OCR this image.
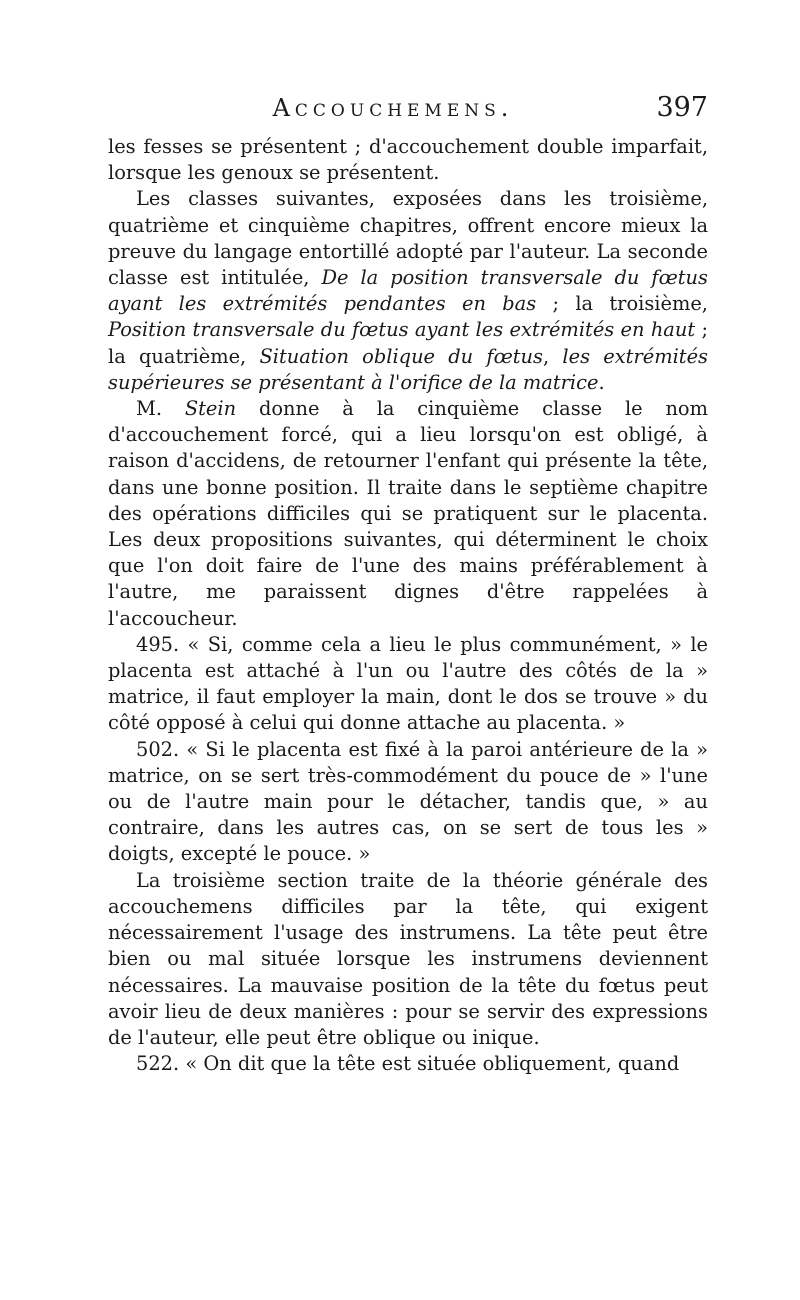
Accouchemens.	397

les fesses se présentent ; d'accouchement double imparfait, lorsque les genoux se présentent.

Les classes suivantes, exposées dans les troisième, quatrième et cinquième chapitres, offrent encore mieux la preuve du langage entortillé adopté par l'auteur. La seconde classe est intitulée, De la position transversale du fœtus ayant les extrémités pendantes en bas ; la troisième, Position transversale du fœtus ayant les extrémités en haut ; la quatrième, Situation oblique du fœtus, les extrémités supérieures se présentant à l'orifice de la matrice.

M. Stein donne à la cinquième classe le nom d'accouchement forcé, qui a lieu lorsqu'on est obligé, à raison d'accidens, de retourner l'enfant qui présente la tête, dans une bonne position. Il traite dans le septième chapitre des opérations difficiles qui se pratiquent sur le placenta. Les deux propositions suivantes, qui déterminent le choix que l'on doit faire de l'une des mains préférablement à l'autre, me paraissent dignes d'être rappelées à l'accoucheur.

495. « Si, comme cela a lieu le plus communément, » le placenta est attaché à l'un ou l'autre des côtés de la » matrice, il faut employer la main, dont le dos se trouve » du côté opposé à celui qui donne attache au placenta. »

502. « Si le placenta est fixé à la paroi antérieure de la » matrice, on se sert très-commodément du pouce de » l'une ou de l'autre main pour le détacher, tandis que, » au contraire, dans les autres cas, on se sert de tous les » doigts, excepté le pouce. »

La troisième section traite de la théorie générale des accouchemens difficiles par la tête, qui exigent nécessairement l'usage des instrumens. La tête peut être bien ou mal située lorsque les instrumens deviennent nécessaires. La mauvaise position de la tête du fœtus peut avoir lieu de deux manières : pour se servir des expressions de l'auteur, elle peut être oblique ou inique.

522. « On dit que la tête est située obliquement, quand
